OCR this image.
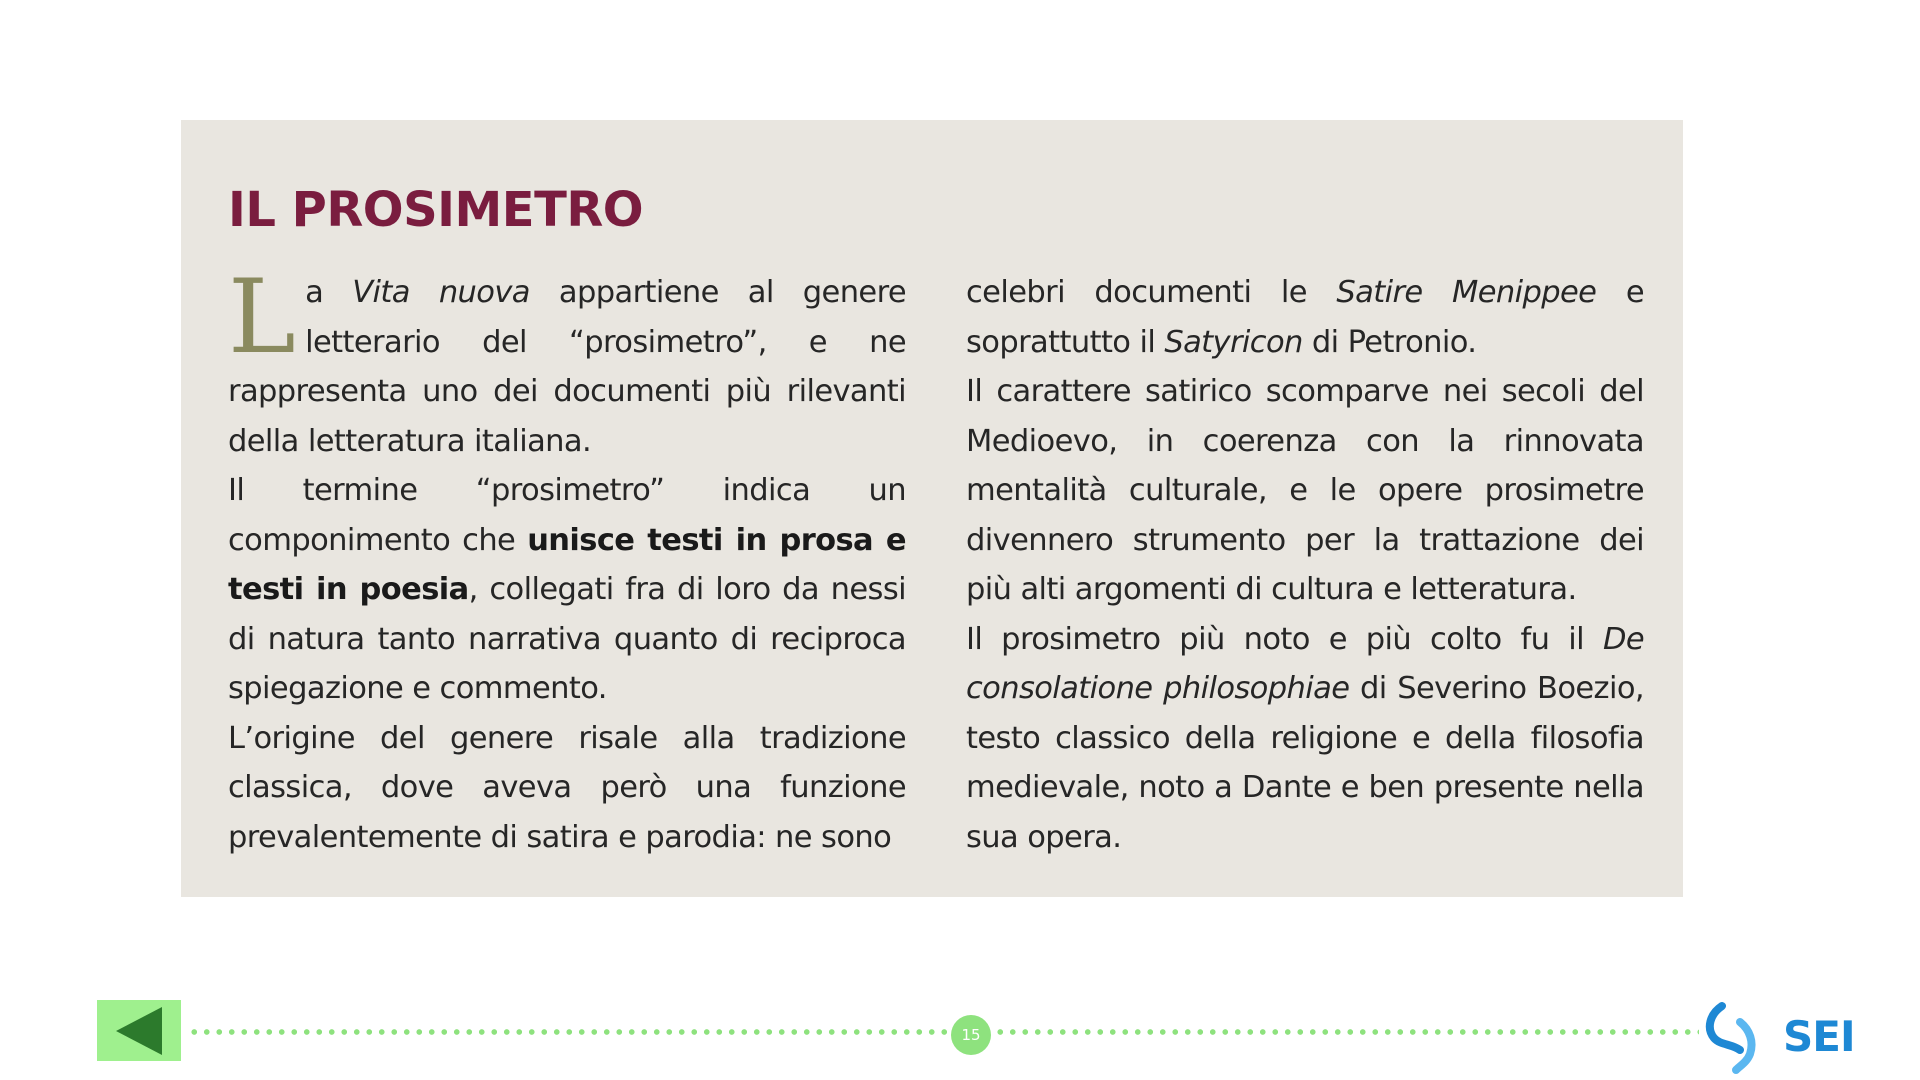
IL PROSIMETRO

La Vita nuova appartiene al genere letterario del “prosimetro”, e ne rappresenta uno dei documenti più rilevanti della letteratura italiana.

Il termine “prosimetro” indica un componimento che unisce testi in prosa e testi in poesia, collegati fra di loro da nessi di natura tanto narrativa quanto di reciproca spiegazione e commento.

L’origine del genere risale alla tradizione classica, dove aveva però una funzione prevalentemente di satira e parodia: ne sono

celebri documenti le Satire Menippee e soprattutto il Satyricon di Petronio.

Il carattere satirico scomparve nei secoli del Medioevo, in coerenza con la rinnovata mentalità culturale, e le opere prosimetre divennero strumento per la trattazione dei più alti argomenti di cultura e letteratura.

Il prosimetro più noto e più colto fu il De consolatione philosophiae di Severino Boezio, testo classico della religione e della filosofia medievale, noto a Dante e ben presente nella sua opera.

15	SEI
